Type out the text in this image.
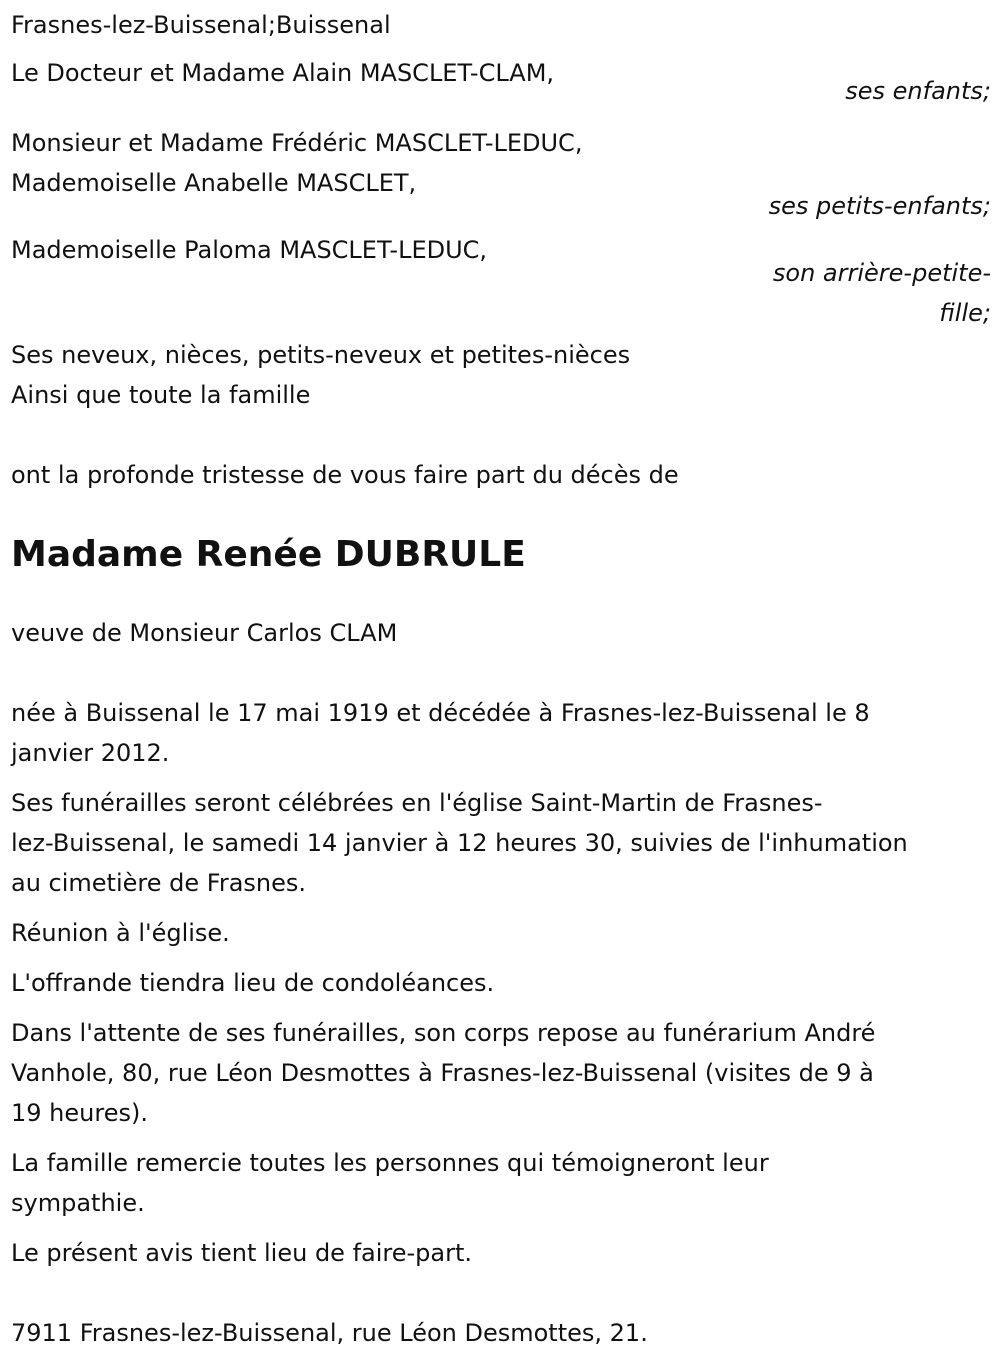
Frasnes-lez-Buissenal;Buissenal
Le Docteur et Madame Alain MASCLET-CLAM,
ses enfants;
Monsieur et Madame Frédéric MASCLET-LEDUC,
Mademoiselle Anabelle MASCLET,
ses petits-enfants;
Mademoiselle Paloma MASCLET-LEDUC,
son arrière-petite-
fille;
Ses neveux, nièces, petits-neveux et petites-nièces
Ainsi que toute la famille
ont la profonde tristesse de vous faire part du décès de
Madame Renée DUBRULE
veuve de Monsieur Carlos CLAM
née à Buissenal le 17 mai 1919 et décédée à Frasnes-lez-Buissenal le 8
janvier 2012.
Ses funérailles seront célébrées en l'église Saint-Martin de Frasnes-
lez-Buissenal, le samedi 14 janvier à 12 heures 30, suivies de l'inhumation
au cimetière de Frasnes.
Réunion à l'église.
L'offrande tiendra lieu de condoléances.
Dans l'attente de ses funérailles, son corps repose au funérarium André
Vanhole, 80, rue Léon Desmottes à Frasnes-lez-Buissenal (visites de 9 à
19 heures).
La famille remercie toutes les personnes qui témoigneront leur
sympathie.
Le présent avis tient lieu de faire-part.
7911 Frasnes-lez-Buissenal, rue Léon Desmottes, 21.
